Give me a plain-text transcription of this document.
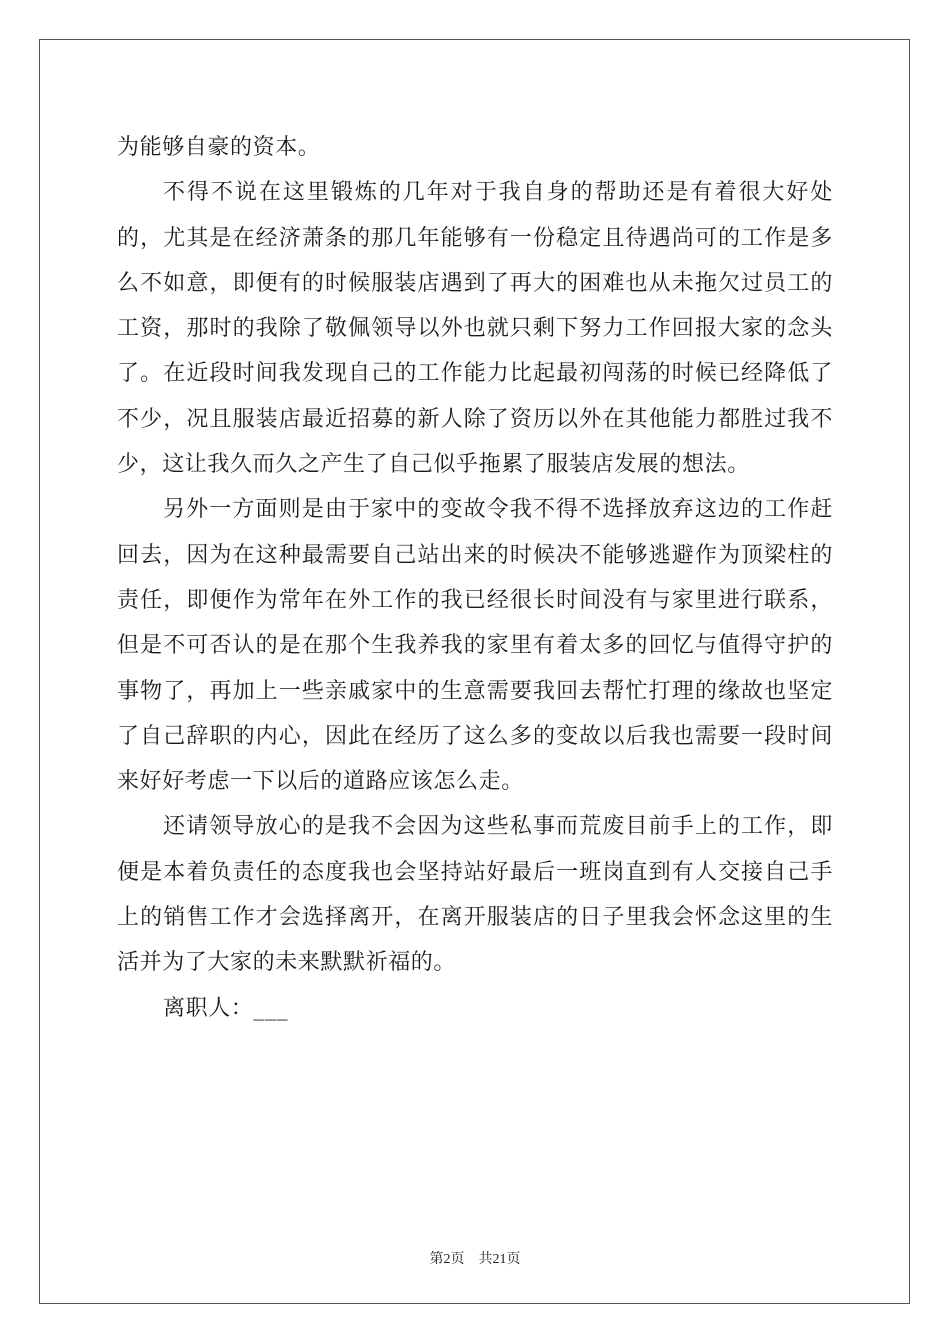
为能够自豪的资本。

不得不说在这里锻炼的几年对于我自身的帮助还是有着很大好处的，尤其是在经济萧条的那几年能够有一份稳定且待遇尚可的工作是多么不如意，即便有的时候服装店遇到了再大的困难也从未拖欠过员工的工资，那时的我除了敬佩领导以外也就只剩下努力工作回报大家的念头了。在近段时间我发现自己的工作能力比起最初闯荡的时候已经降低了不少，况且服装店最近招募的新人除了资历以外在其他能力都胜过我不少，这让我久而久之产生了自己似乎拖累了服装店发展的想法。

另外一方面则是由于家中的变故令我不得不选择放弃这边的工作赶回去，因为在这种最需要自己站出来的时候决不能够逃避作为顶梁柱的责任，即便作为常年在外工作的我已经很长时间没有与家里进行联系，但是不可否认的是在那个生我养我的家里有着太多的回忆与值得守护的事物了，再加上一些亲戚家中的生意需要我回去帮忙打理的缘故也坚定了自己辞职的内心，因此在经历了这么多的变故以后我也需要一段时间来好好考虑一下以后的道路应该怎么走。

还请领导放心的是我不会因为这些私事而荒废目前手上的工作，即便是本着负责任的态度我也会坚持站好最后一班岗直到有人交接自己手上的销售工作才会选择离开，在离开服装店的日子里我会怀念这里的生活并为了大家的未来默默祈福的。

离职人：___

第2页 共21页
